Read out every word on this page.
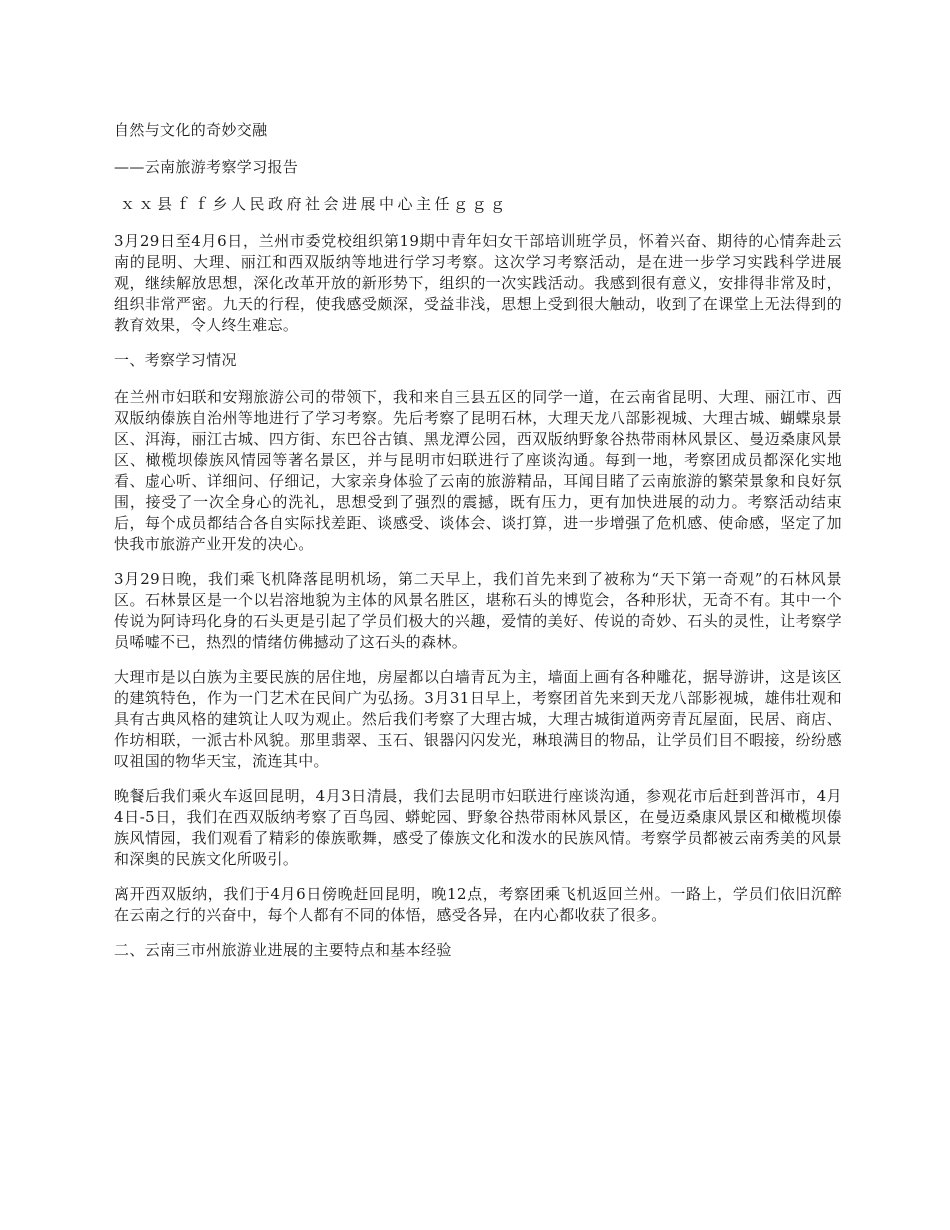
自然与文化的奇妙交融

——云南旅游考察学习报告

ｘｘ县ｆｆ乡人民政府社会进展中心主任ｇｇｇ

3月29日至4月6日，兰州市委党校组织第19期中青年妇女干部培训班学员，怀着兴奋、期待的心情奔赴云南的昆明、大理、丽江和西双版纳等地进行学习考察。这次学习考察活动，是在进一步学习实践科学进展观，继续解放思想，深化改革开放的新形势下，组织的一次实践活动。我感到很有意义，安排得非常及时，组织非常严密。九天的行程，使我感受颇深，受益非浅，思想上受到很大触动，收到了在课堂上无法得到的教育效果，令人终生难忘。

一、考察学习情况

在兰州市妇联和安翔旅游公司的带领下，我和来自三县五区的同学一道，在云南省昆明、大理、丽江市、西双版纳傣族自治州等地进行了学习考察。先后考察了昆明石林，大理天龙八部影视城、大理古城、蝴蝶泉景区、洱海，丽江古城、四方街、东巴谷古镇、黑龙潭公园，西双版纳野象谷热带雨林风景区、曼迈桑康风景区、橄榄坝傣族风情园等著名景区，并与昆明市妇联进行了座谈沟通。每到一地，考察团成员都深化实地看、虚心听、详细问、仔细记，大家亲身体验了云南的旅游精品，耳闻目睹了云南旅游的繁荣景象和良好氛围，接受了一次全身心的洗礼，思想受到了强烈的震撼，既有压力，更有加快进展的动力。考察活动结束后，每个成员都结合各自实际找差距、谈感受、谈体会、谈打算，进一步增强了危机感、使命感，坚定了加快我市旅游产业开发的决心。

3月29日晚，我们乘飞机降落昆明机场，第二天早上，我们首先来到了被称为“天下第一奇观”的石林风景区。石林景区是一个以岩溶地貌为主体的风景名胜区，堪称石头的博览会，各种形状，无奇不有。其中一个传说为阿诗玛化身的石头更是引起了学员们极大的兴趣，爱情的美好、传说的奇妙、石头的灵性，让考察学员唏嘘不已，热烈的情绪仿佛撼动了这石头的森林。

大理市是以白族为主要民族的居住地，房屋都以白墙青瓦为主，墙面上画有各种雕花，据导游讲，这是该区的建筑特色，作为一门艺术在民间广为弘扬。3月31日早上，考察团首先来到天龙八部影视城，雄伟壮观和具有古典风格的建筑让人叹为观止。然后我们考察了大理古城，大理古城街道两旁青瓦屋面，民居、商店、作坊相联，一派古朴风貌。那里翡翠、玉石、银器闪闪发光，琳琅满目的物品，让学员们目不暇接，纷纷感叹祖国的物华天宝，流连其中。

晚餐后我们乘火车返回昆明，4月3日清晨，我们去昆明市妇联进行座谈沟通，参观花市后赶到普洱市，4月4日-5日，我们在西双版纳考察了百鸟园、蟒蛇园、野象谷热带雨林风景区，在曼迈桑康风景区和橄榄坝傣族风情园，我们观看了精彩的傣族歌舞，感受了傣族文化和泼水的民族风情。考察学员都被云南秀美的风景和深奥的民族文化所吸引。

离开西双版纳，我们于4月6日傍晚赶回昆明，晚12点，考察团乘飞机返回兰州。一路上，学员们依旧沉醉在云南之行的兴奋中，每个人都有不同的体悟，感受各异，在内心都收获了很多。

二、云南三市州旅游业进展的主要特点和基本经验
